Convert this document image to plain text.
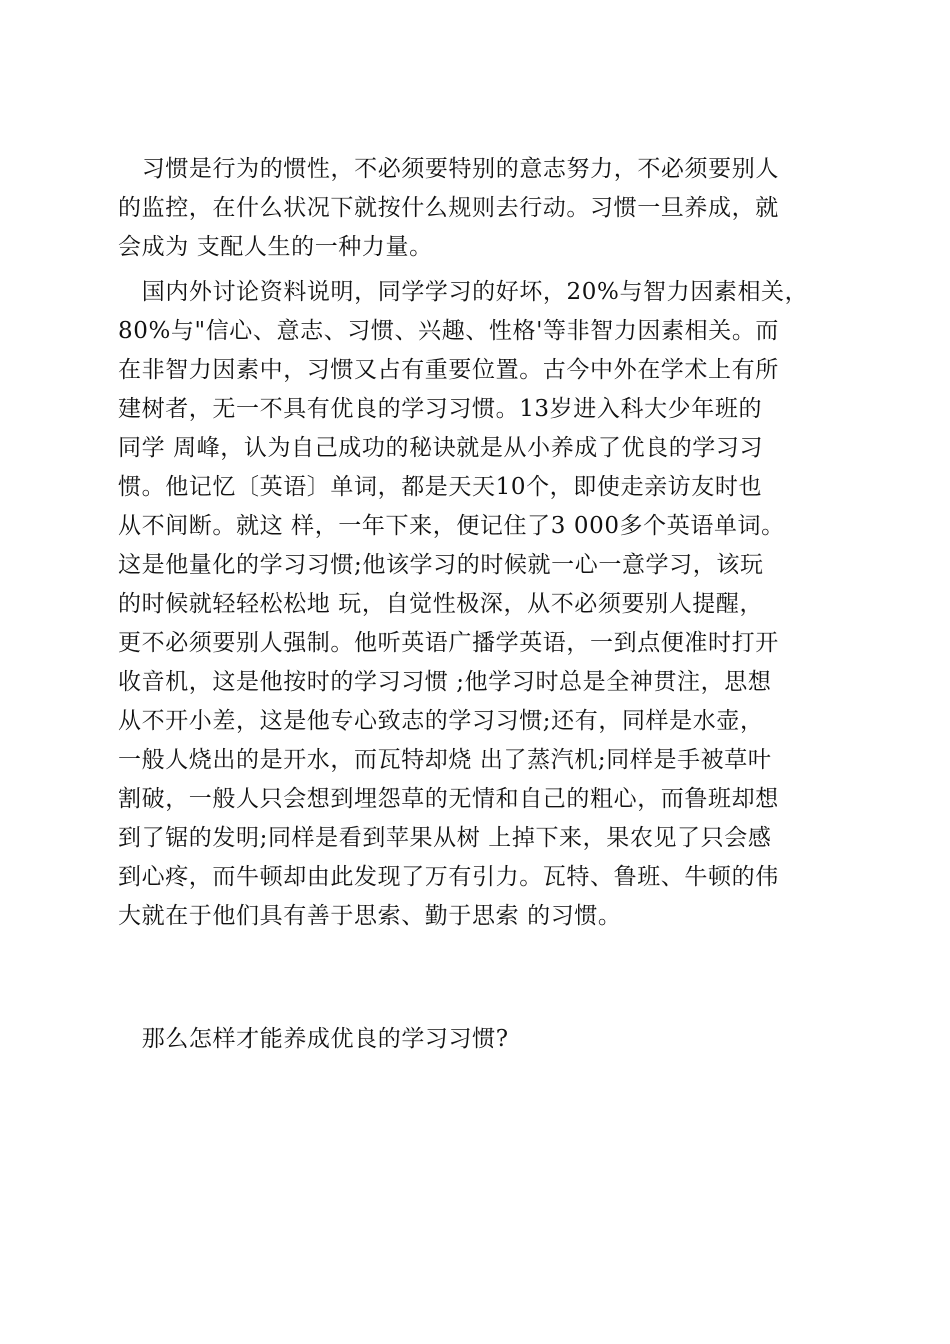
习惯是行为的惯性，不必须要特别的意志努力，不必须要别人
的监控，在什么状况下就按什么规则去行动。习惯一旦养成，就
会成为 支配人生的一种力量。
国内外讨论资料说明，同学学习的好坏，20%与智力因素相关，
80%与"信心、意志、习惯、兴趣、性格'等非智力因素相关。而
在非智力因素中，习惯又占有重要位置。古今中外在学术上有所
建树者，无一不具有优良的学习习惯。13岁进入科大少年班的
同学 周峰，认为自己成功的秘诀就是从小养成了优良的学习习
惯。他记忆〔英语〕单词，都是天天10个，即使走亲访友时也
从不间断。就这 样，一年下来，便记住了3 000多个英语单词。
这是他量化的学习习惯;他该学习的时候就一心一意学习，该玩
的时候就轻轻松松地 玩，自觉性极深，从不必须要别人提醒，
更不必须要别人强制。他听英语广播学英语，一到点便准时打开
收音机，这是他按时的学习习惯 ;他学习时总是全神贯注，思想
从不开小差，这是他专心致志的学习习惯;还有，同样是水壶，
一般人烧出的是开水，而瓦特却烧 出了蒸汽机;同样是手被草叶
割破，一般人只会想到埋怨草的无情和自己的粗心，而鲁班却想
到了锯的发明;同样是看到苹果从树 上掉下来，果农见了只会感
到心疼，而牛顿却由此发现了万有引力。瓦特、鲁班、牛顿的伟
大就在于他们具有善于思索、勤于思索 的习惯。
那么怎样才能养成优良的学习习惯?
